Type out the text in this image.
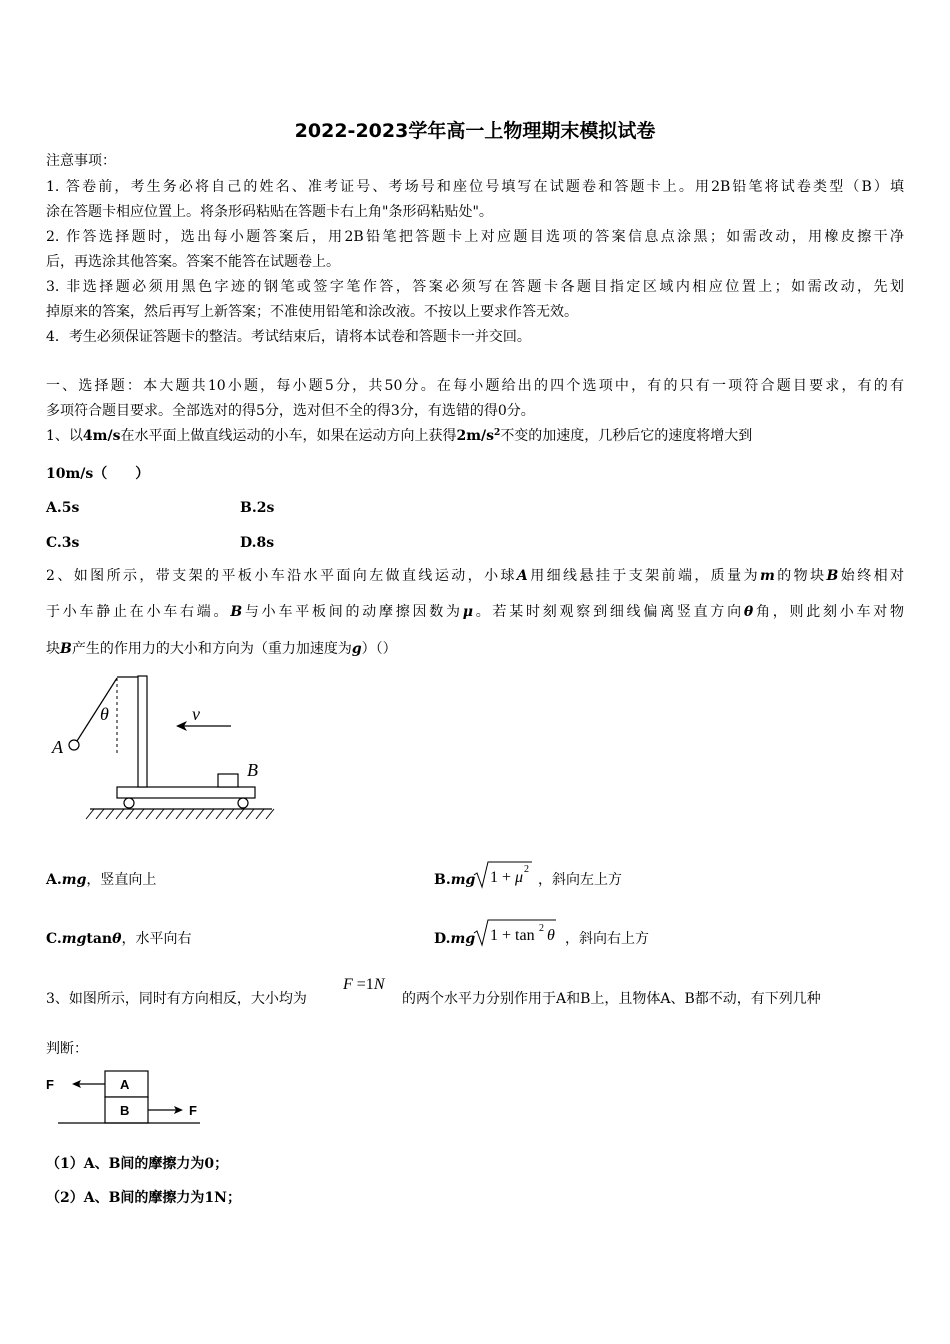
2022-2023学年高一上物理期末模拟试卷
注意事项：
1. 答卷前，考生务必将自己的姓名、准考证号、考场号和座位号填写在试题卷和答题卡上。用2B铅笔将试卷类型（B）填
涂在答题卡相应位置上。将条形码粘贴在答题卡右上角"条形码粘贴处"。
2. 作答选择题时，选出每小题答案后，用2B铅笔把答题卡上对应题目选项的答案信息点涂黑；如需改动，用橡皮擦干净
后，再选涂其他答案。答案不能答在试题卷上。
3. 非选择题必须用黑色字迹的钢笔或签字笔作答，答案必须写在答题卡各题目指定区域内相应位置上；如需改动，先划
掉原来的答案，然后再写上新答案；不准使用铅笔和涂改液。不按以上要求作答无效。
4．考生必须保证答题卡的整洁。考试结束后，请将本试卷和答题卡一并交回。
一、选择题：本大题共10小题，每小题5分，共50分。在每小题给出的四个选项中，有的只有一项符合题目要求，有的有
多项符合题目要求。全部选对的得5分，选对但不全的得3分，有选错的得0分。
1、以4m/s在水平面上做直线运动的小车，如果在运动方向上获得$2m/s^2$不变的加速度，几秒后它的速度将增大到
10m/s（　　）
A.5s	B.2s
C.3s	D.8s
2、如图所示，带支架的平板小车沿水平面向左做直线运动，小球A用细线悬挂于支架前端，质量为m的物块B始终相对
于小车静止在小车右端。B与小车平板间的动摩擦因数为μ。若某时刻观察到细线偏离竖直方向θ角，则此刻小车对物
块B产生的作用力的大小和方向为（重力加速度为g）（）
A
B
θ	v
A.mg，竖直向上	B.mg 1 + μ 2
，斜向左上方
C.mgtanθ，水平向右	D.mg 1 + tan 2 θ ，斜向右上方
3、如图所示，同时有方向相反，大小均为
F =1N
的两个水平力分别作用于A和B上，且物体A、B都不动，有下列几种
判断：
F
F
A
B
（1）A、B间的摩擦力为0；
（2）A、B间的摩擦力为1N；
